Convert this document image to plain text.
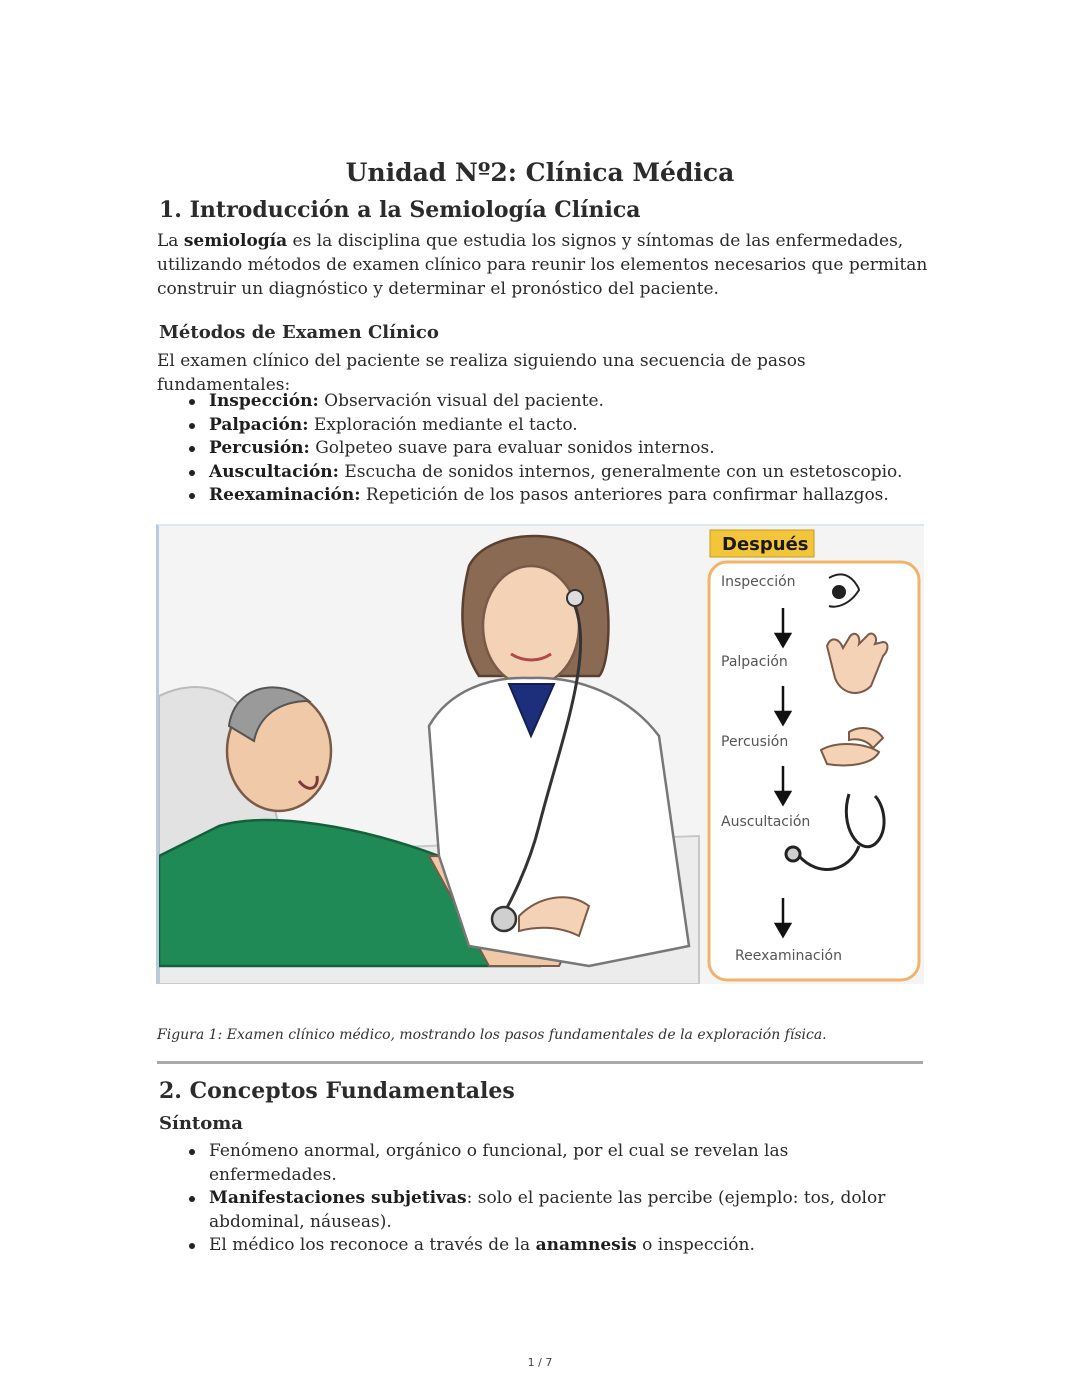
Unidad Nº2: Clínica Médica
1. Introducción a la Semiología Clínica

La semiología es la disciplina que estudia los signos y síntomas de las enfermedades, utilizando métodos de examen clínico para reunir los elementos necesarios que permitan construir un diagnóstico y determinar el pronóstico del paciente.

Métodos de Examen Clínico

El examen clínico del paciente se realiza siguiendo una secuencia de pasos fundamentales:

Inspección: Observación visual del paciente.
Palpación: Exploración mediante el tacto.
Percusión: Golpeteo suave para evaluar sonidos internos.
Auscultación: Escucha de sonidos internos, generalmente con un estetoscopio.
Reexaminación: Repetición de los pasos anteriores para confirmar hallazgos.
Después
Inspección
Palpación
Percusión
Auscultación
Reexaminación

Figura 1: Examen clínico médico, mostrando los pasos fundamentales de la exploración física.

2. Conceptos Fundamentales
Síntoma
Fenómeno anormal, orgánico o funcional, por el cual se revelan las enfermedades.
Manifestaciones subjetivas: solo el paciente las percibe (ejemplo: tos, dolor abdominal, náuseas).
El médico los reconoce a través de la anamnesis o inspección.
1 / 7
